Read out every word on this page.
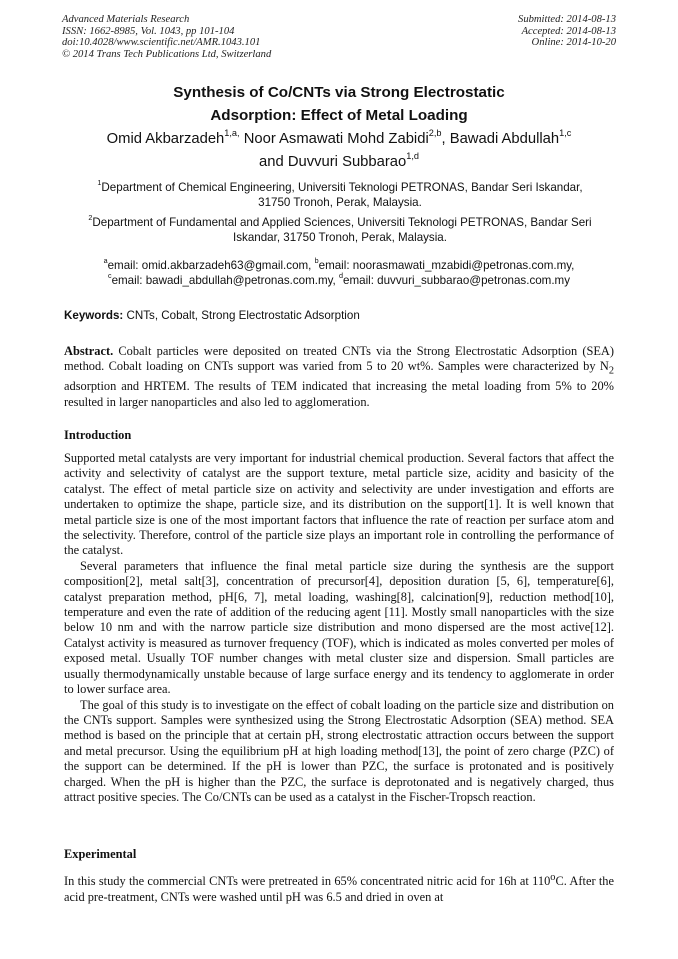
Advanced Materials Research
ISSN: 1662-8985, Vol. 1043, pp 101-104
doi:10.4028/www.scientific.net/AMR.1043.101
© 2014 Trans Tech Publications Ltd, Switzerland
Submitted: 2014-08-13
Accepted: 2014-08-13
Online: 2014-10-20
Synthesis of Co/CNTs via Strong Electrostatic
Adsorption: Effect of Metal Loading
Omid Akbarzadeh$^{1,a,}$ Noor Asmawati Mohd Zabidi$^{2,b}$, Bawadi Abdullah$^{1,c}$
and Duvvuri Subbarao$^{1,d}$
$^1$Department of Chemical Engineering, Universiti Teknologi PETRONAS, Bandar Seri Iskandar,
31750 Tronoh, Perak, Malaysia.
$^2$Department of Fundamental and Applied Sciences, Universiti Teknologi PETRONAS, Bandar Seri
Iskandar, 31750 Tronoh, Perak, Malaysia.
$^a$email: omid.akbarzadeh63@gmail.com, $^b$email: noorasmawati_mzabidi@petronas.com.my,
$^c$email: bawadi_abdullah@petronas.com.my, $^d$email: duvvuri_subbarao@petronas.com.my
Keywords: CNTs, Cobalt, Strong Electrostatic Adsorption

Abstract. Cobalt particles were deposited on treated CNTs via the Strong Electrostatic Adsorption (SEA) method. Cobalt loading on CNTs support was varied from 5 to 20 wt%. Samples were characterized by $N_2$ adsorption and HRTEM. The results of TEM indicated that increasing the metal loading from 5% to 20% resulted in larger nanoparticles and also led to agglomeration.

Introduction

Supported metal catalysts are very important for industrial chemical production. Several factors that affect the activity and selectivity of catalyst are the support texture, metal particle size, acidity and basicity of the catalyst. The effect of metal particle size on activity and selectivity are under investigation and efforts are undertaken to optimize the shape, particle size, and its distribution on the support[1]. It is well known that metal particle size is one of the most important factors that influence the rate of reaction per surface atom and the selectivity. Therefore, control of the particle size plays an important role in controlling the performance of the catalyst.

Several parameters that influence the final metal particle size during the synthesis are the support composition[2], metal salt[3], concentration of precursor[4], deposition duration [5, 6], temperature[6], catalyst preparation method, pH[6, 7], metal loading, washing[8], calcination[9], reduction method[10], temperature and even the rate of addition of the reducing agent [11]. Mostly small nanoparticles with the size below 10 nm and with the narrow particle size distribution and mono dispersed are the most active[12]. Catalyst activity is measured as turnover frequency (TOF), which is indicated as moles converted per moles of exposed metal. Usually TOF number changes with metal cluster size and dispersion. Small particles are usually thermodynamically unstable because of large surface energy and its tendency to agglomerate in order to lower surface area.

The goal of this study is to investigate on the effect of cobalt loading on the particle size and distribution on the CNTs support. Samples were synthesized using the Strong Electrostatic Adsorption (SEA) method. SEA method is based on the principle that at certain pH, strong electrostatic attraction occurs between the support and metal precursor. Using the equilibrium pH at high loading method[13], the point of zero charge (PZC) of the support can be determined. If the pH is lower than PZC, the surface is protonated and is positively charged. When the pH is higher than the PZC, the surface is deprotonated and is negatively charged, thus attract positive species. The Co/CNTs can be used as a catalyst in the Fischer-Tropsch reaction.

Experimental

In this study the commercial CNTs were pretreated in 65% concentrated nitric acid for 16h at 110$^o$C. After the acid pre-treatment, CNTs were washed until pH was 6.5 and dried in oven at
